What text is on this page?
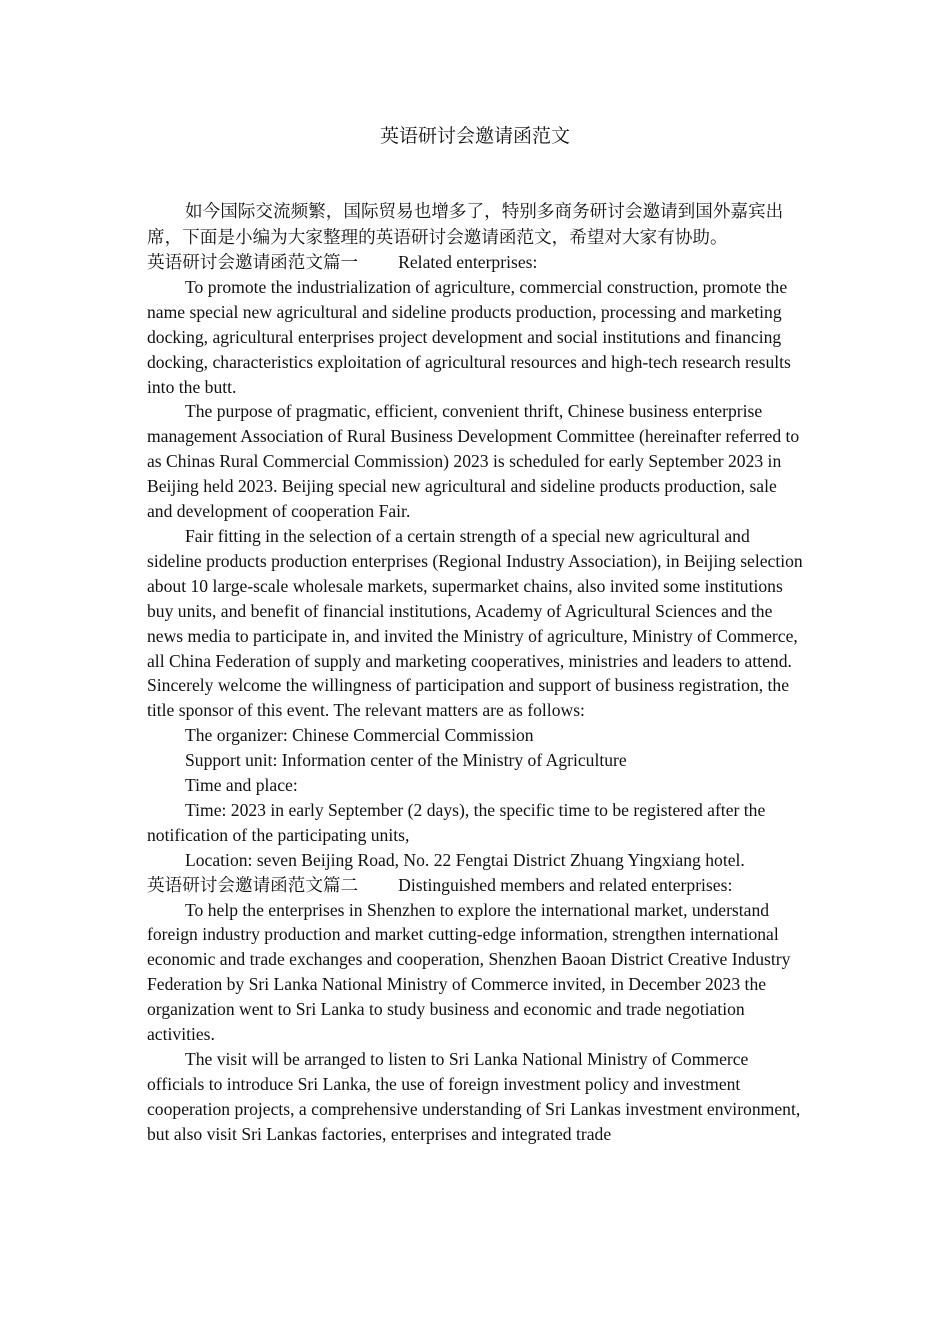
英语研讨会邀请函范文

如今国际交流频繁，国际贸易也增多了，特别多商务研讨会邀请到国外嘉宾出席，下面是小编为大家整理的英语研讨会邀请函范文，希望对大家有协助。

英语研讨会邀请函范文篇一 Related enterprises:

To promote the industrialization of agriculture, commercial construction, promote the name special new agricultural and sideline products production, processing and marketing docking, agricultural enterprises project development and social institutions and financing docking, characteristics exploitation of agricultural resources and high-tech research results into the butt.

The purpose of pragmatic, efficient, convenient thrift, Chinese business enterprise management Association of Rural Business Development Committee (hereinafter referred to as Chinas Rural Commercial Commission) 2023 is scheduled for early September 2023 in Beijing held 2023. Beijing special new agricultural and sideline products production, sale and development of cooperation Fair.

Fair fitting in the selection of a certain strength of a special new agricultural and sideline products production enterprises (Regional Industry Association), in Beijing selection about 10 large-scale wholesale markets, supermarket chains, also invited some institutions buy units, and benefit of financial institutions, Academy of Agricultural Sciences and the news media to participate in, and invited the Ministry of agriculture, Ministry of Commerce, all China Federation of supply and marketing cooperatives, ministries and leaders to attend. Sincerely welcome the willingness of participation and support of business registration, the title sponsor of this event. The relevant matters are as follows:

The organizer: Chinese Commercial Commission

Support unit: Information center of the Ministry of Agriculture

Time and place:

Time: 2023 in early September (2 days), the specific time to be registered after the notification of the participating units,

Location: seven Beijing Road, No. 22 Fengtai District Zhuang Yingxiang hotel.

英语研讨会邀请函范文篇二 Distinguished members and related enterprises:

To help the enterprises in Shenzhen to explore the international market, understand foreign industry production and market cutting-edge information, strengthen international economic and trade exchanges and cooperation, Shenzhen Baoan District Creative Industry Federation by Sri Lanka National Ministry of Commerce invited, in December 2023 the organization went to Sri Lanka to study business and economic and trade negotiation activities.

The visit will be arranged to listen to Sri Lanka National Ministry of Commerce officials to introduce Sri Lanka, the use of foreign investment policy and investment cooperation projects, a comprehensive understanding of Sri Lankas investment environment, but also visit Sri Lankas factories, enterprises and integrated trade
